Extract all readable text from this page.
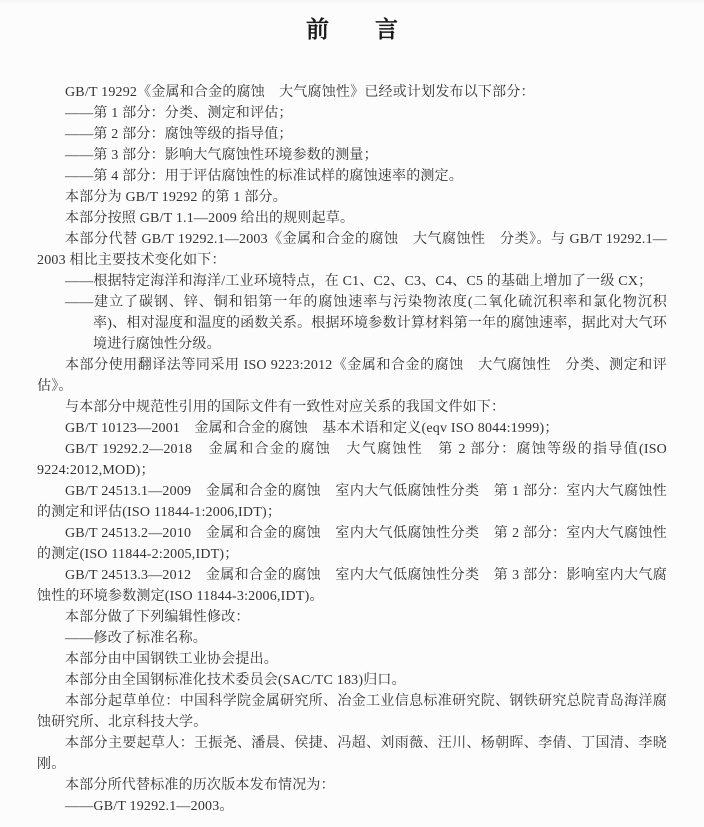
前　　言

GB/T 19292《金属和合金的腐蚀　大气腐蚀性》已经或计划发布以下部分：

——第 1 部分：分类、测定和评估；

——第 2 部分：腐蚀等级的指导值；

——第 3 部分：影响大气腐蚀性环境参数的测量；

——第 4 部分：用于评估腐蚀性的标准试样的腐蚀速率的测定。

本部分为 GB/T 19292 的第 1 部分。

本部分按照 GB/T 1.1—2009 给出的规则起草。

本部分代替 GB/T 19292.1—2003《金属和合金的腐蚀　大气腐蚀性　分类》。与 GB/T 19292.1—2003 相比主要技术变化如下：

——根据特定海洋和海洋/工业环境特点，在 C1、C2、C3、C4、C5 的基础上增加了一级 CX；

——建立了碳钢、锌、铜和铝第一年的腐蚀速率与污染物浓度(二氧化硫沉积率和氯化物沉积率)、相对湿度和温度的函数关系。根据环境参数计算材料第一年的腐蚀速率，据此对大气环境进行腐蚀性分级。

本部分使用翻译法等同采用 ISO 9223:2012《金属和合金的腐蚀　大气腐蚀性　分类、测定和评估》。

与本部分中规范性引用的国际文件有一致性对应关系的我国文件如下：

GB/T 10123—2001　金属和合金的腐蚀　基本术语和定义(eqv ISO 8044:1999)；

GB/T 19292.2—2018　金属和合金的腐蚀　大气腐蚀性　第 2 部分：腐蚀等级的指导值(ISO 9224:2012,MOD)；

GB/T 24513.1—2009　金属和合金的腐蚀　室内大气低腐蚀性分类　第 1 部分：室内大气腐蚀性的测定和评估(ISO 11844-1:2006,IDT)；

GB/T 24513.2—2010　金属和合金的腐蚀　室内大气低腐蚀性分类　第 2 部分：室内大气腐蚀性的测定(ISO 11844-2:2005,IDT)；

GB/T 24513.3—2012　金属和合金的腐蚀　室内大气低腐蚀性分类　第 3 部分：影响室内大气腐蚀性的环境参数测定(ISO 11844-3:2006,IDT)。

本部分做了下列编辑性修改：

——修改了标准名称。

本部分由中国钢铁工业协会提出。

本部分由全国钢标准化技术委员会(SAC/TC 183)归口。

本部分起草单位：中国科学院金属研究所、冶金工业信息标准研究院、钢铁研究总院青岛海洋腐蚀研究所、北京科技大学。

本部分主要起草人：王振尧、潘晨、侯捷、冯超、刘雨薇、汪川、杨朝晖、李倩、丁国清、李晓刚。

本部分所代替标准的历次版本发布情况为：

——GB/T 19292.1—2003。
